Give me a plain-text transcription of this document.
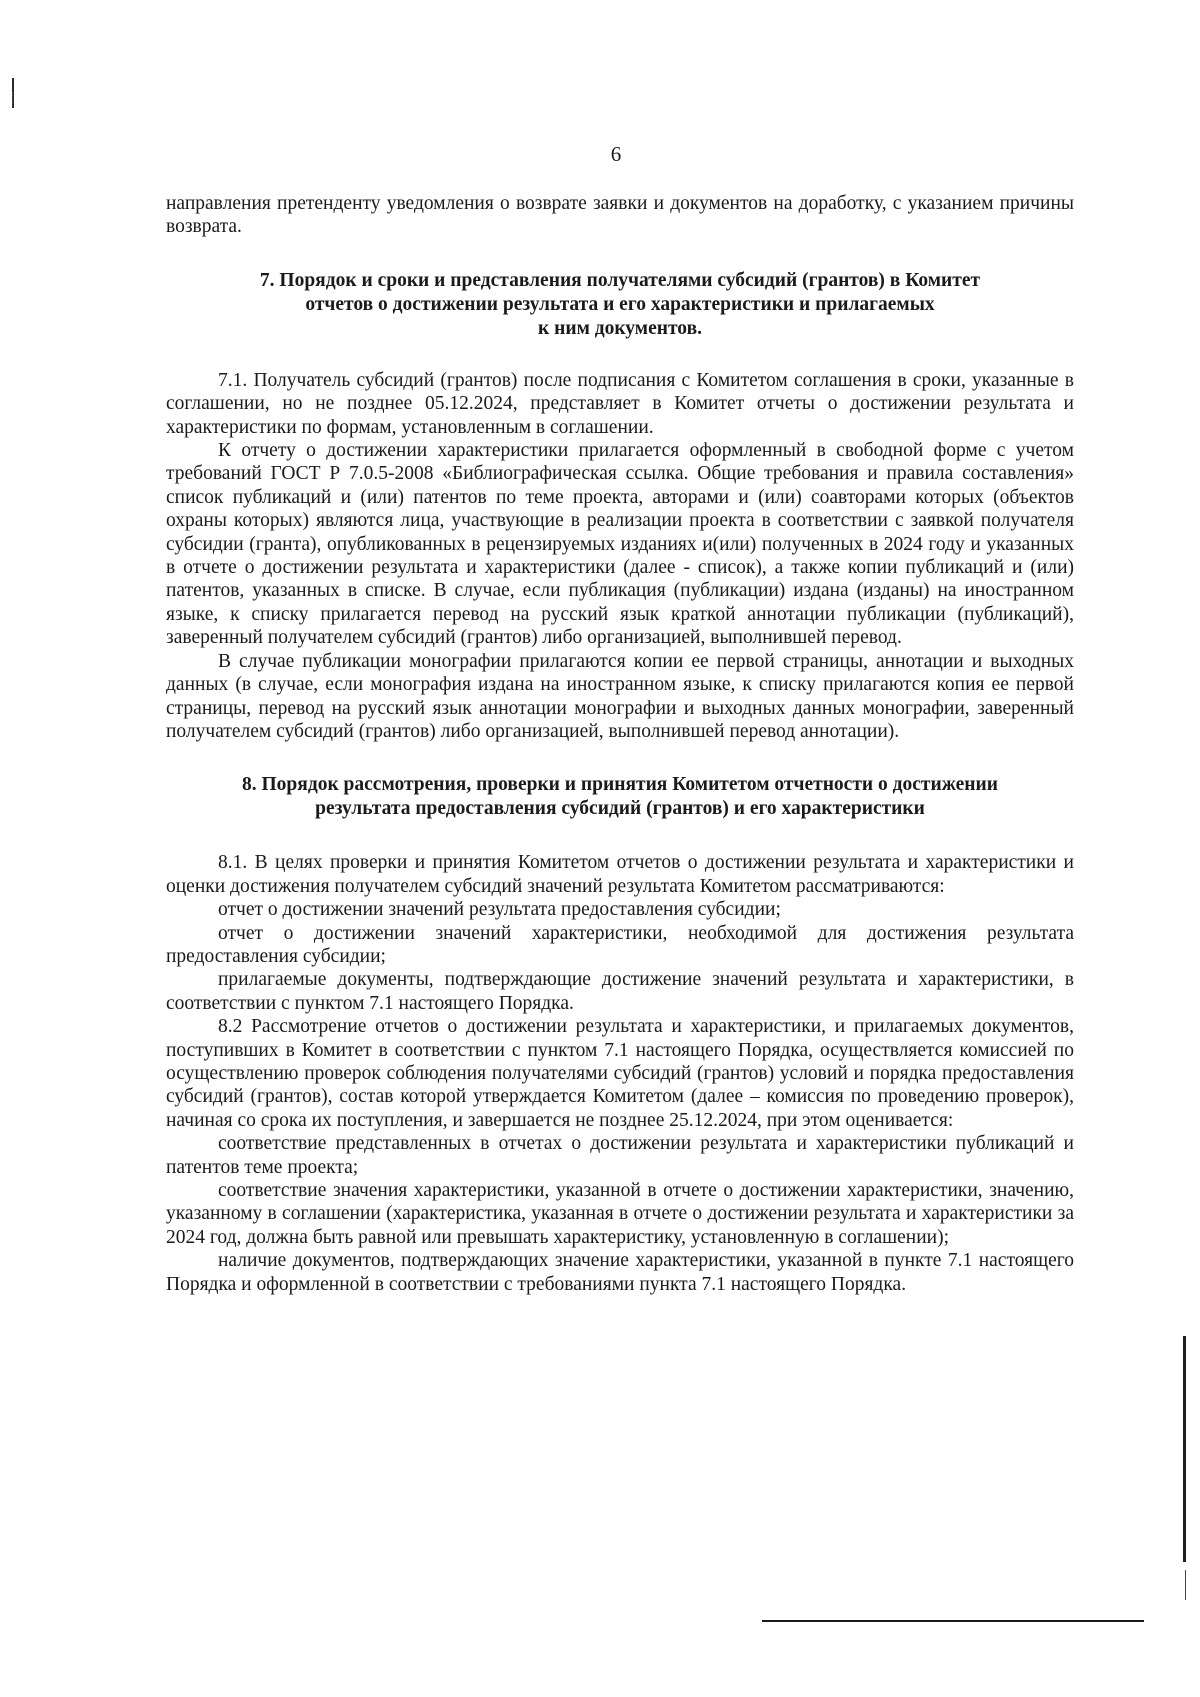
6

направления претенденту уведомления о возврате заявки и документов на доработку, с указанием причины возврата.

7. Порядок и сроки и представления получателями субсидий (грантов) в Комитет
отчетов о достижении результата и его характеристики и прилагаемых
к ним документов.

7.1. Получатель субсидий (грантов) после подписания с Комитетом соглашения в сроки, указанные в соглашении, но не позднее 05.12.2024, представляет в Комитет отчеты о достижении результата и характеристики по формам, установленным в соглашении.

К отчету о достижении характеристики прилагается оформленный в свободной форме с учетом требований ГОСТ Р 7.0.5-2008 «Библиографическая ссылка. Общие требования и правила составления» список публикаций и (или) патентов по теме проекта, авторами и (или) соавторами которых (объектов охраны которых) являются лица, участвующие в реализации проекта в соответствии с заявкой получателя субсидии (гранта), опубликованных в рецензируемых изданиях и(или) полученных в 2024 году и указанных в отчете о достижении результата и характеристики (далее - список), а также копии публикаций и (или) патентов, указанных в списке. В случае, если публикация (публикации) издана (изданы) на иностранном языке, к списку прилагается перевод на русский язык краткой аннотации публикации (публикаций), заверенный получателем субсидий (грантов) либо организацией, выполнившей перевод.

В случае публикации монографии прилагаются копии ее первой страницы, аннотации и выходных данных (в случае, если монография издана на иностранном языке, к списку прилагаются копия ее первой страницы, перевод на русский язык аннотации монографии и выходных данных монографии, заверенный получателем субсидий (грантов) либо организацией, выполнившей перевод аннотации).

8. Порядок рассмотрения, проверки и принятия Комитетом отчетности о достижении
результата предоставления субсидий (грантов) и его характеристики

8.1. В целях проверки и принятия Комитетом отчетов о достижении результата и характеристики и оценки достижения получателем субсидий значений результата Комитетом рассматриваются:

отчет о достижении значений результата предоставления субсидии;

отчет о достижении значений характеристики, необходимой для достижения результата предоставления субсидии;

прилагаемые документы, подтверждающие достижение значений результата и характеристики, в соответствии с пунктом 7.1 настоящего Порядка.

8.2 Рассмотрение отчетов о достижении результата и характеристики, и прилагаемых документов, поступивших в Комитет в соответствии с пунктом 7.1 настоящего Порядка, осуществляется комиссией по осуществлению проверок соблюдения получателями субсидий (грантов) условий и порядка предоставления субсидий (грантов), состав которой утверждается Комитетом (далее – комиссия по проведению проверок), начиная со срока их поступления, и завершается не позднее 25.12.2024, при этом оценивается:

соответствие представленных в отчетах о достижении результата и характеристики публикаций и патентов теме проекта;

соответствие значения характеристики, указанной в отчете о достижении характеристики, значению, указанному в соглашении (характеристика, указанная в отчете о достижении результата и характеристики за 2024 год, должна быть равной или превышать характеристику, установленную в соглашении);

наличие документов, подтверждающих значение характеристики, указанной в пункте 7.1 настоящего Порядка и оформленной в соответствии с требованиями пункта 7.1 настоящего Порядка.
